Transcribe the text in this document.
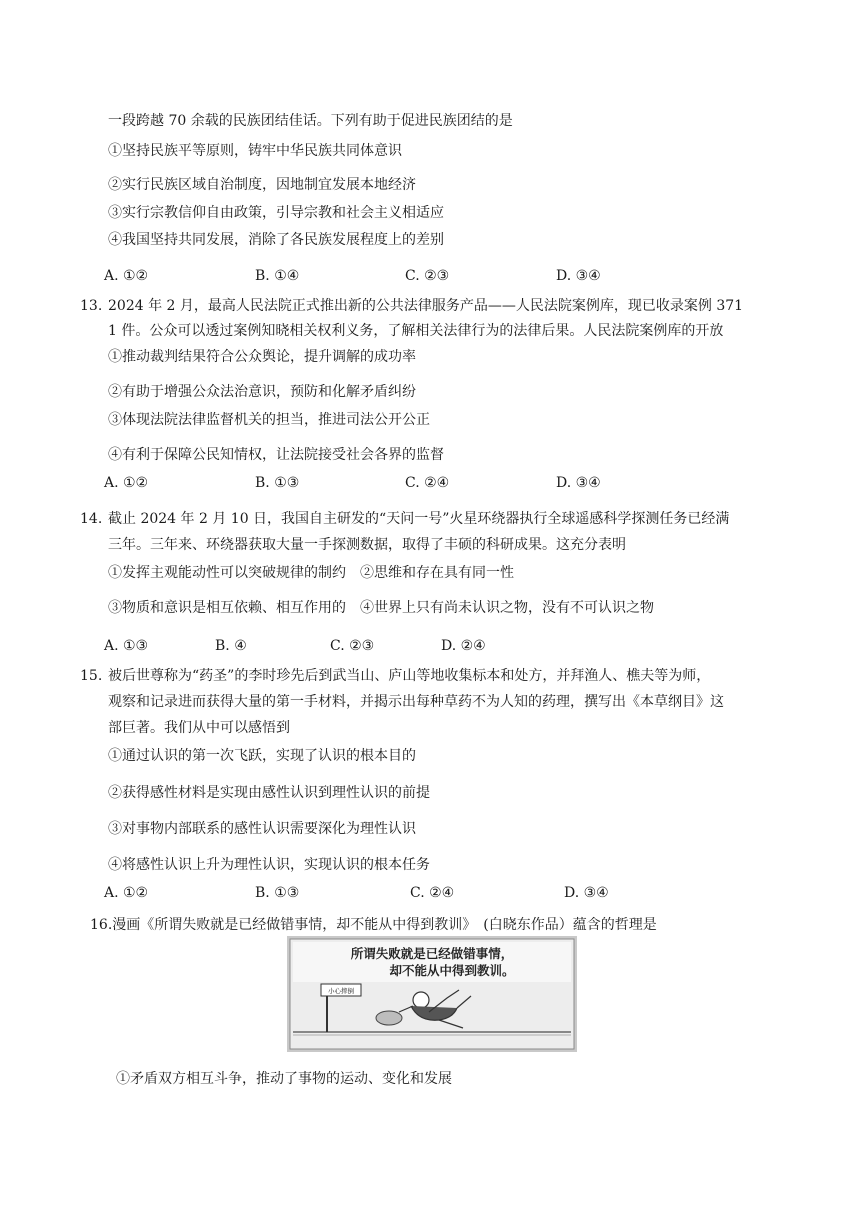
一段跨越 70 余载的民族团结佳话。下列有助于促进民族团结的是
①坚持民族平等原则，铸牢中华民族共同体意识
②实行民族区域自治制度，因地制宜发展本地经济
③实行宗教信仰自由政策，引导宗教和社会主义相适应
④我国坚持共同发展，消除了各民族发展程度上的差别
A. ①②	B. ①④	C. ②③	D. ③④
13. 2024 年 2 月，最高人民法院正式推出新的公共法律服务产品——人民法院案例库，现已收录案例 371
1 件。公众可以透过案例知晓相关权利义务，了解相关法律行为的法律后果。人民法院案例库的开放
①推动裁判结果符合公众舆论，提升调解的成功率
②有助于增强公众法治意识，预防和化解矛盾纠纷
③体现法院法律监督机关的担当，推进司法公开公正
④有利于保障公民知情权，让法院接受社会各界的监督
A. ①②	B. ①③	C. ②④	D. ③④
14. 截止 2024 年 2 月 10 日，我国自主研发的“天问一号”火星环绕器执行全球遥感科学探测任务已经满
三年。三年来、环绕器获取大量一手探测数据，取得了丰硕的科研成果。这充分表明
①发挥主观能动性可以突破规律的制约　②思维和存在具有同一性
③物质和意识是相互依赖、相互作用的　④世界上只有尚未认识之物，没有不可认识之物
A. ①③	B. ④	C. ②③	D. ②④
15. 被后世尊称为“药圣”的李时珍先后到武当山、庐山等地收集标本和处方，并拜渔人、樵夫等为师，
观察和记录进而获得大量的第一手材料，并揭示出每种草药不为人知的药理，撰写出《本草纲目》这
部巨著。我们从中可以感悟到
①通过认识的第一次飞跃，实现了认识的根本目的
②获得感性材料是实现由感性认识到理性认识的前提
③对事物内部联系的感性认识需要深化为理性认识
④将感性认识上升为理性认识，实现认识的根本任务
A. ①②	B. ①③	C. ②④	D. ③④
16.漫画《所谓失败就是已经做错事情，却不能从中得到教训》　(白晓东作品）蕴含的哲理是
所谓失败就是已经做错事情，
却不能从中得到教训。
小心摔倒
①矛盾双方相互斗争，推动了事物的运动、变化和发展
